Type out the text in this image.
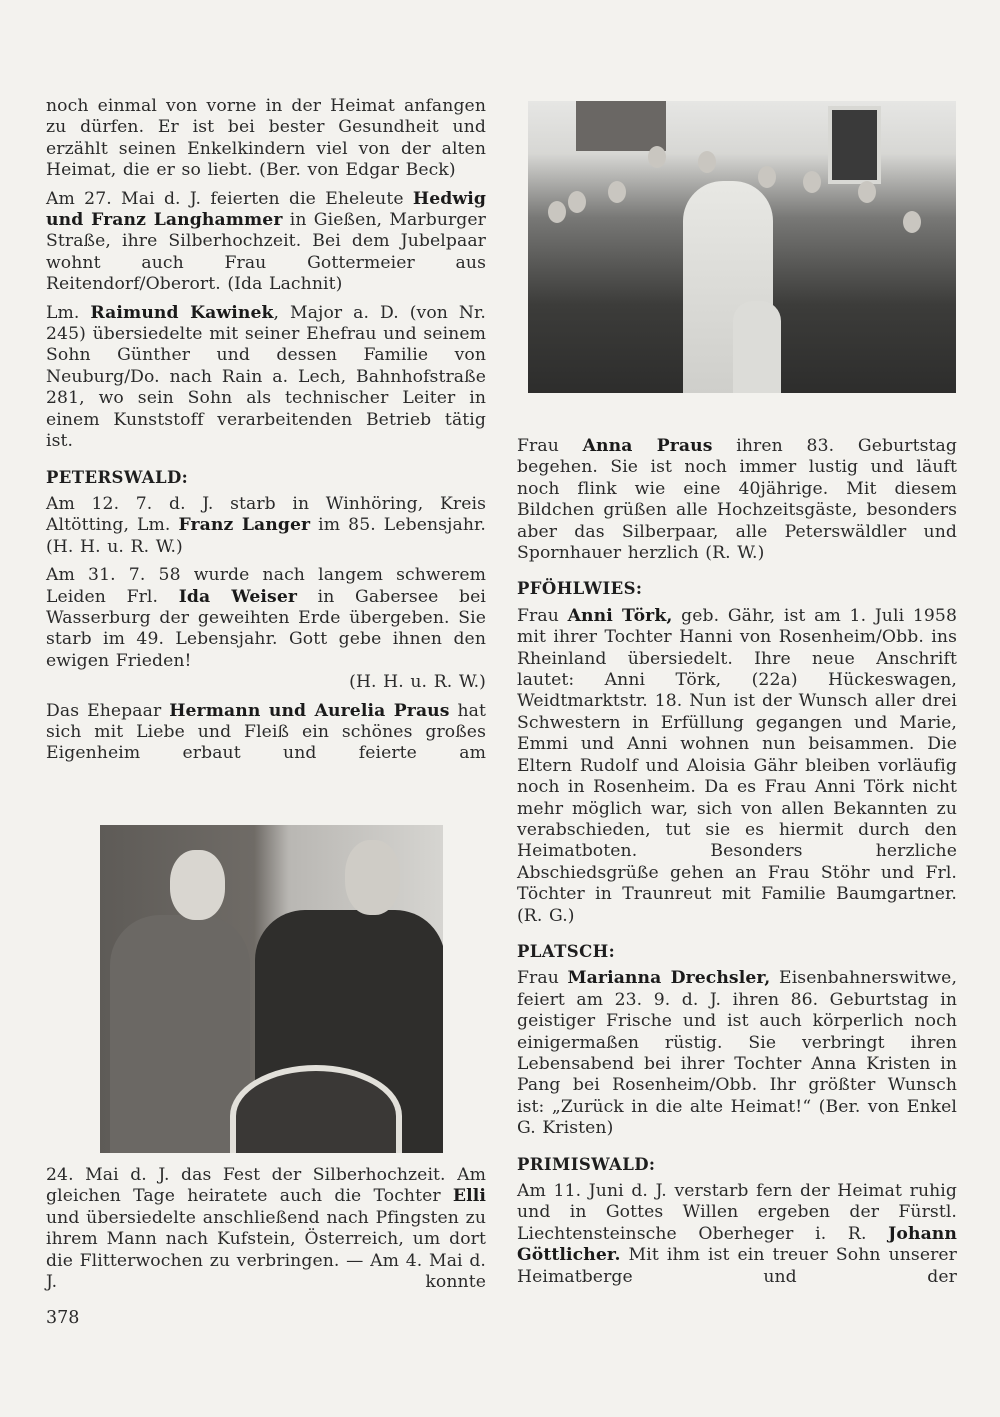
noch einmal von vorne in der Heimat anfangen zu dürfen. Er ist bei bester Gesundheit und erzählt seinen Enkelkindern viel von der alten Heimat, die er so liebt. (Ber. von Edgar Beck)

Am 27. Mai d. J. feierten die Eheleute Hedwig und Franz Langhammer in Gießen, Marburger Straße, ihre Silberhochzeit. Bei dem Jubelpaar wohnt auch Frau Gottermeier aus Reitendorf/Oberort. (Ida Lachnit)

Lm. Raimund Kawinek, Major a. D. (von Nr. 245) übersiedelte mit seiner Ehefrau und seinem Sohn Günther und dessen Familie von Neuburg/Do. nach Rain a. Lech, Bahnhofstraße 281, wo sein Sohn als technischer Leiter in einem Kunststoff verarbeitenden Betrieb tätig ist.

PETERSWALD:

Am 12. 7. d. J. starb in Winhöring, Kreis Altötting, Lm. Franz Langer im 85. Lebensjahr. (H. H. u. R. W.)

Am 31. 7. 58 wurde nach langem schwerem Leiden Frl. Ida Weiser in Gabersee bei Wasserburg der geweihten Erde übergeben. Sie starb im 49. Lebensjahr. Gott gebe ihnen den ewigen Frieden!

(H. H. u. R. W.)

Das Ehepaar Hermann und Aurelia Praus hat sich mit Liebe und Fleiß ein schönes großes Eigenheim erbaut und feierte am

24. Mai d. J. das Fest der Silberhochzeit. Am gleichen Tage heiratete auch die Tochter Elli und übersiedelte anschließend nach Pfingsten zu ihrem Mann nach Kufstein, Österreich, um dort die Flitterwochen zu verbringen. — Am 4. Mai d. J. konnte

Frau Anna Praus ihren 83. Geburtstag begehen. Sie ist noch immer lustig und läuft noch flink wie eine 40jährige. Mit diesem Bildchen grüßen alle Hochzeitsgäste, besonders aber das Silberpaar, alle Peterswäldler und Spornhauer herzlich (R. W.)

PFÖHLWIES:

Frau Anni Törk, geb. Gähr, ist am 1. Juli 1958 mit ihrer Tochter Hanni von Rosenheim/Obb. ins Rheinland übersiedelt. Ihre neue Anschrift lautet: Anni Törk, (22a) Hückeswagen, Weidtmarktstr. 18. Nun ist der Wunsch aller drei Schwestern in Erfüllung gegangen und Marie, Emmi und Anni wohnen nun beisammen. Die Eltern Rudolf und Aloisia Gähr bleiben vorläufig noch in Rosenheim. Da es Frau Anni Törk nicht mehr möglich war, sich von allen Bekannten zu verabschieden, tut sie es hiermit durch den Heimatboten. Besonders herzliche Abschiedsgrüße gehen an Frau Stöhr und Frl. Töchter in Traunreut mit Familie Baumgartner. (R. G.)

PLATSCH:

Frau Marianna Drechsler, Eisenbahnerswitwe, feiert am 23. 9. d. J. ihren 86. Geburtstag in geistiger Frische und ist auch körperlich noch einigermaßen rüstig. Sie verbringt ihren Lebensabend bei ihrer Tochter Anna Kristen in Pang bei Rosenheim/Obb. Ihr größter Wunsch ist: „Zurück in die alte Heimat!“ (Ber. von Enkel G. Kristen)

PRIMISWALD:

Am 11. Juni d. J. verstarb fern der Heimat ruhig und in Gottes Willen ergeben der Fürstl. Liechtensteinsche Oberheger i. R. Johann Göttlicher. Mit ihm ist ein treuer Sohn unserer Heimatberge und der

378
